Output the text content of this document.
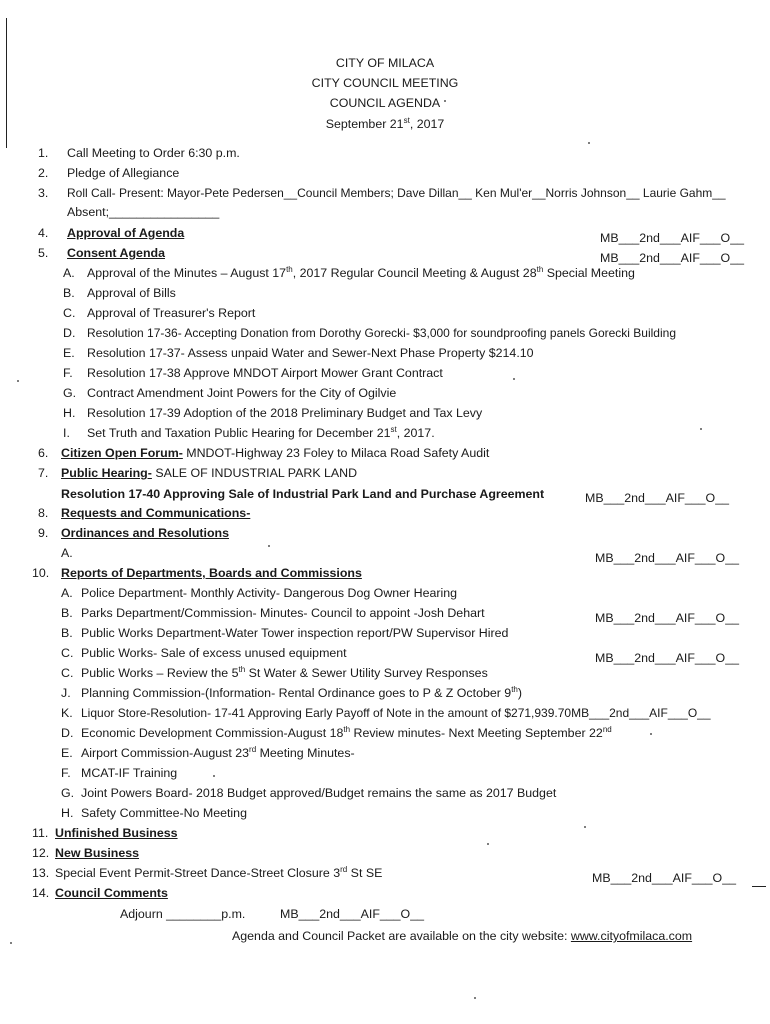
CITY OF MILACA
CITY COUNCIL MEETING
COUNCIL AGENDA
September 21st, 2017
1. Call Meeting to Order 6:30 p.m.
2. Pledge of Allegiance
3. Roll Call- Present: Mayor-Pete Pedersen__Council Members; Dave Dillan__ Ken Mul'er__Norris Johnson__ Laurie Gahm__
Absent;________________
4. Approval of Agenda	MB___2nd___AIF___O__
5. Consent Agenda	MB___2nd___AIF___O__
A. Approval of the Minutes – August 17th, 2017 Regular Council Meeting & August 28th Special Meeting
B. Approval of Bills
C. Approval of Treasurer's Report
D. Resolution 17-36- Accepting Donation from Dorothy Gorecki- $3,000 for soundproofing panels Gorecki Building
E. Resolution 17-37- Assess unpaid Water and Sewer-Next Phase Property $214.10
F. Resolution 17-38 Approve MNDOT Airport Mower Grant Contract
G. Contract Amendment Joint Powers for the City of Ogilvie
H. Resolution 17-39 Adoption of the 2018 Preliminary Budget and Tax Levy
I. Set Truth and Taxation Public Hearing for December 21st, 2017.
6. Citizen Open Forum- MNDOT-Highway 23 Foley to Milaca Road Safety Audit
7. Public Hearing- SALE OF INDUSTRIAL PARK LAND
Resolution 17-40 Approving Sale of Industrial Park Land and Purchase Agreement	MB___2nd___AIF___O__
8. Requests and Communications-
9. Ordinances and Resolutions
A.	MB___2nd___AIF___O__
10. Reports of Departments, Boards and Commissions
A. Police Department- Monthly Activity- Dangerous Dog Owner Hearing
B. Parks Department/Commission- Minutes- Council to appoint -Josh Dehart	MB___2nd___AIF___O__
B. Public Works Department-Water Tower inspection report/PW Supervisor Hired
C. Public Works- Sale of excess unused equipment	MB___2nd___AIF___O__
C. Public Works – Review the 5th St Water & Sewer Utility Survey Responses
J. Planning Commission-(Information- Rental Ordinance goes to P & Z October 9th)
K. Liquor Store-Resolution- 17-41 Approving Early Payoff of Note in the amount of $271,939.70MB___2nd___AIF___O__
D. Economic Development Commission-August 18th Review minutes- Next Meeting September 22nd
E. Airport Commission-August 23rd Meeting Minutes-
F. MCAT-IF Training
G. Joint Powers Board- 2018 Budget approved/Budget remains the same as 2017 Budget
H. Safety Committee-No Meeting
11. Unfinished Business
12. New Business
13. Special Event Permit-Street Dance-Street Closure 3rd St SE	MB___2nd___AIF___O__
14. Council Comments
Adjourn ________p.m.	MB___2nd___AIF___O__
Agenda and Council Packet are available on the city website: www.cityofmilaca.com
